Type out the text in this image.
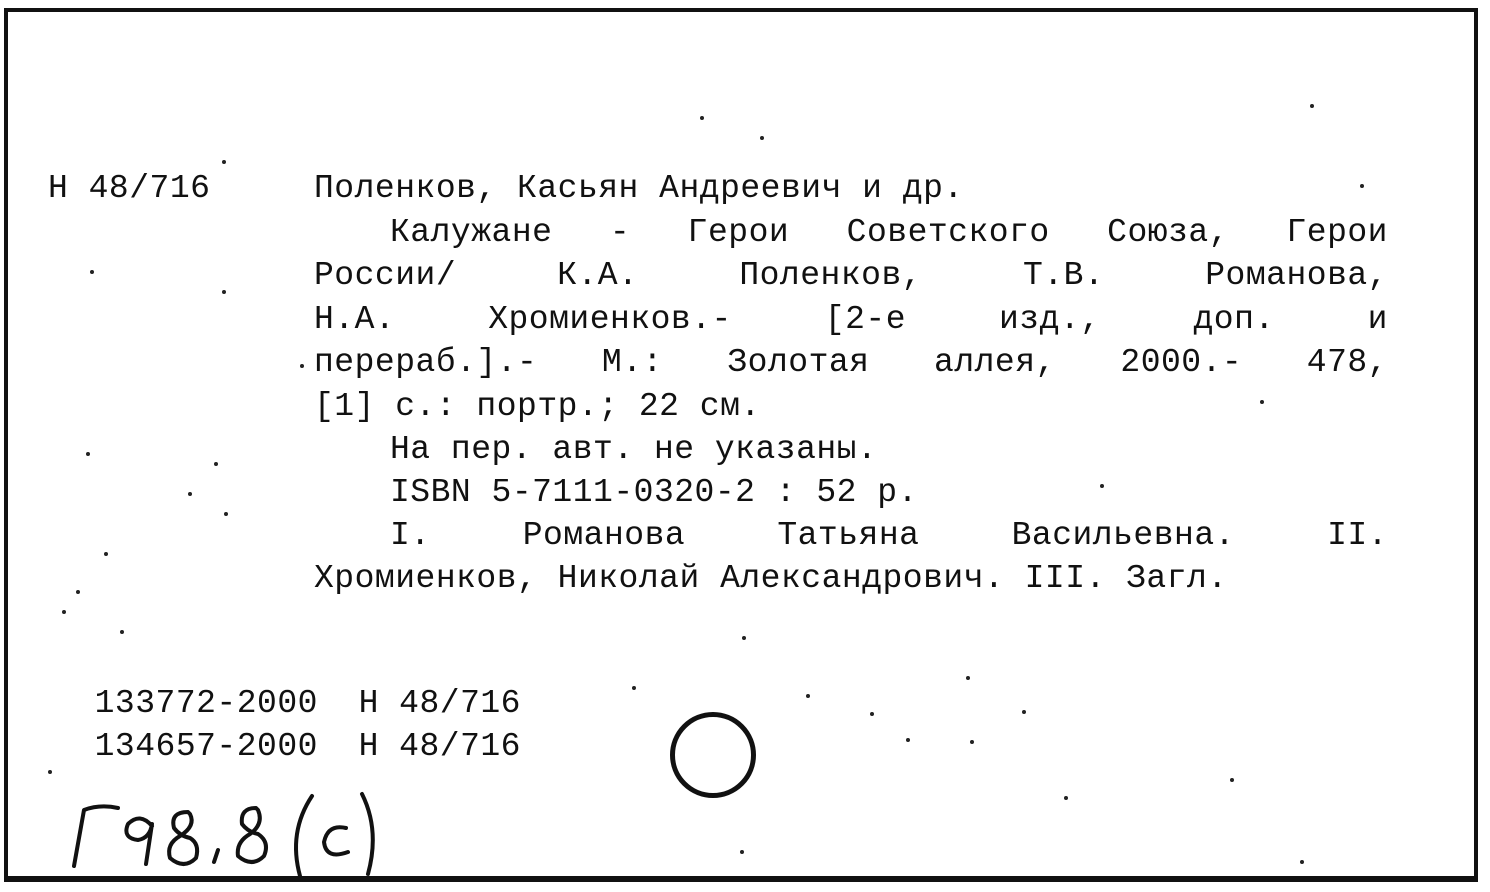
Н 48/716	Поленков, Касьян Андреевич и др.
Калужане - Герои Советского Союза, Герои
России/ К.А. Поленков, Т.В. Романова,
Н.А. Хромиенков.- [2-е изд., доп. и
перераб.].- М.: Золотая аллея, 2000.- 478,
[1] с.: портр.; 22 см.
На пер. авт. не указаны.
ISBN 5-7111-0320-2 : 52 р.
I. Романова Татьяна Васильевна. II.
Хромиенков, Николай Александрович. III. Загл.

133772-2000 Н 48/716

134657-2000 Н 48/716
